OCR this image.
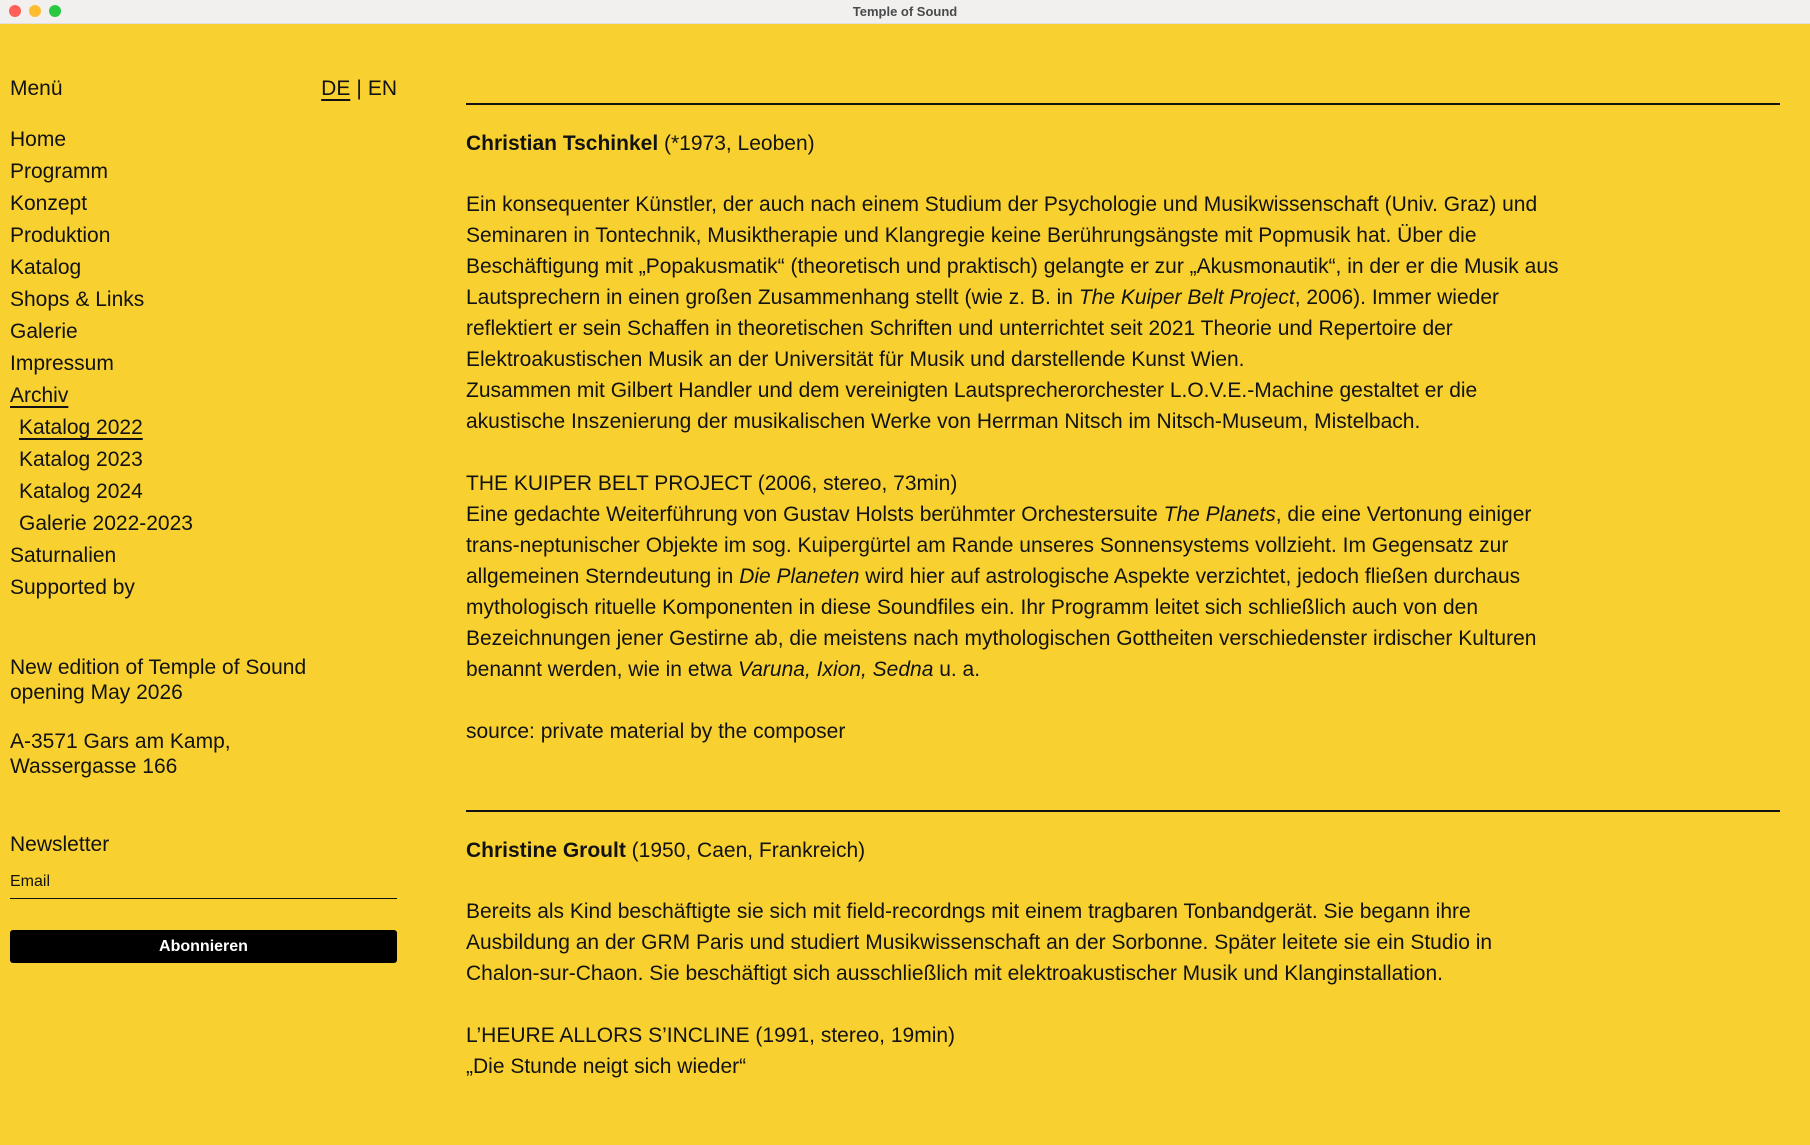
Temple of Sound
Menü	DE | EN
Home
Programm
Konzept
Produktion
Katalog
Shops & Links
Galerie
Impressum
Archiv
Katalog 2022
Katalog 2023
Katalog 2024
Galerie 2022-2023
Saturnalien
Supported by
New edition of Temple of Sound opening May 2026
A-3571 Gars am Kamp,
Wassergasse 166
Newsletter
Email
Abonnieren
Christian Tschinkel (*1973, Leoben)

Ein konsequenter Künstler, der auch nach einem Studium der Psychologie und Musikwissenschaft (Univ. Graz) und Seminaren in Tontechnik, Musiktherapie und Klangregie keine Berührungsängste mit Popmusik hat. Über die Beschäftigung mit „Popakusmatik“ (theoretisch und praktisch) gelangte er zur „Akusmonautik“, in der er die Musik aus Lautsprechern in einen großen Zusammenhang stellt (wie z. B. in The Kuiper Belt Project, 2006). Immer wieder reflektiert er sein Schaffen in theoretischen Schriften und unterrichtet seit 2021 Theorie und Repertoire der Elektroakustischen Musik an der Universität für Musik und darstellende Kunst Wien.
Zusammen mit Gilbert Handler und dem vereinigten Lautsprecherorchester L.O.V.E.-Machine gestaltet er die akustische Inszenierung der musikalischen Werke von Herrman Nitsch im Nitsch-Museum, Mistelbach.

THE KUIPER BELT PROJECT (2006, stereo, 73min)
Eine gedachte Weiterführung von Gustav Holsts berühmter Orchestersuite The Planets, die eine Vertonung einiger trans-neptunischer Objekte im sog. Kuipergürtel am Rande unseres Sonnensystems vollzieht. Im Gegensatz zur allgemeinen Sterndeutung in Die Planeten wird hier auf astrologische Aspekte verzichtet, jedoch fließen durchaus mythologisch rituelle Komponenten in diese Soundfiles ein. Ihr Programm leitet sich schließlich auch von den Bezeichnungen jener Gestirne ab, die meistens nach mythologischen Gottheiten verschiedenster irdischer Kulturen benannt werden, wie in etwa Varuna, Ixion, Sedna u. a.

source: private material by the composer

Christine Groult (1950, Caen, Frankreich)

Bereits als Kind beschäftigte sie sich mit field-recordngs mit einem tragbaren Tonbandgerät. Sie begann ihre Ausbildung an der GRM Paris und studiert Musikwissenschaft an der Sorbonne. Später leitete sie ein Studio in Chalon-sur-Chaon. Sie beschäftigt sich ausschließlich mit elektroakustischer Musik und Klanginstallation.

L’HEURE ALLORS S’INCLINE (1991, stereo, 19min)
„Die Stunde neigt sich wieder“
